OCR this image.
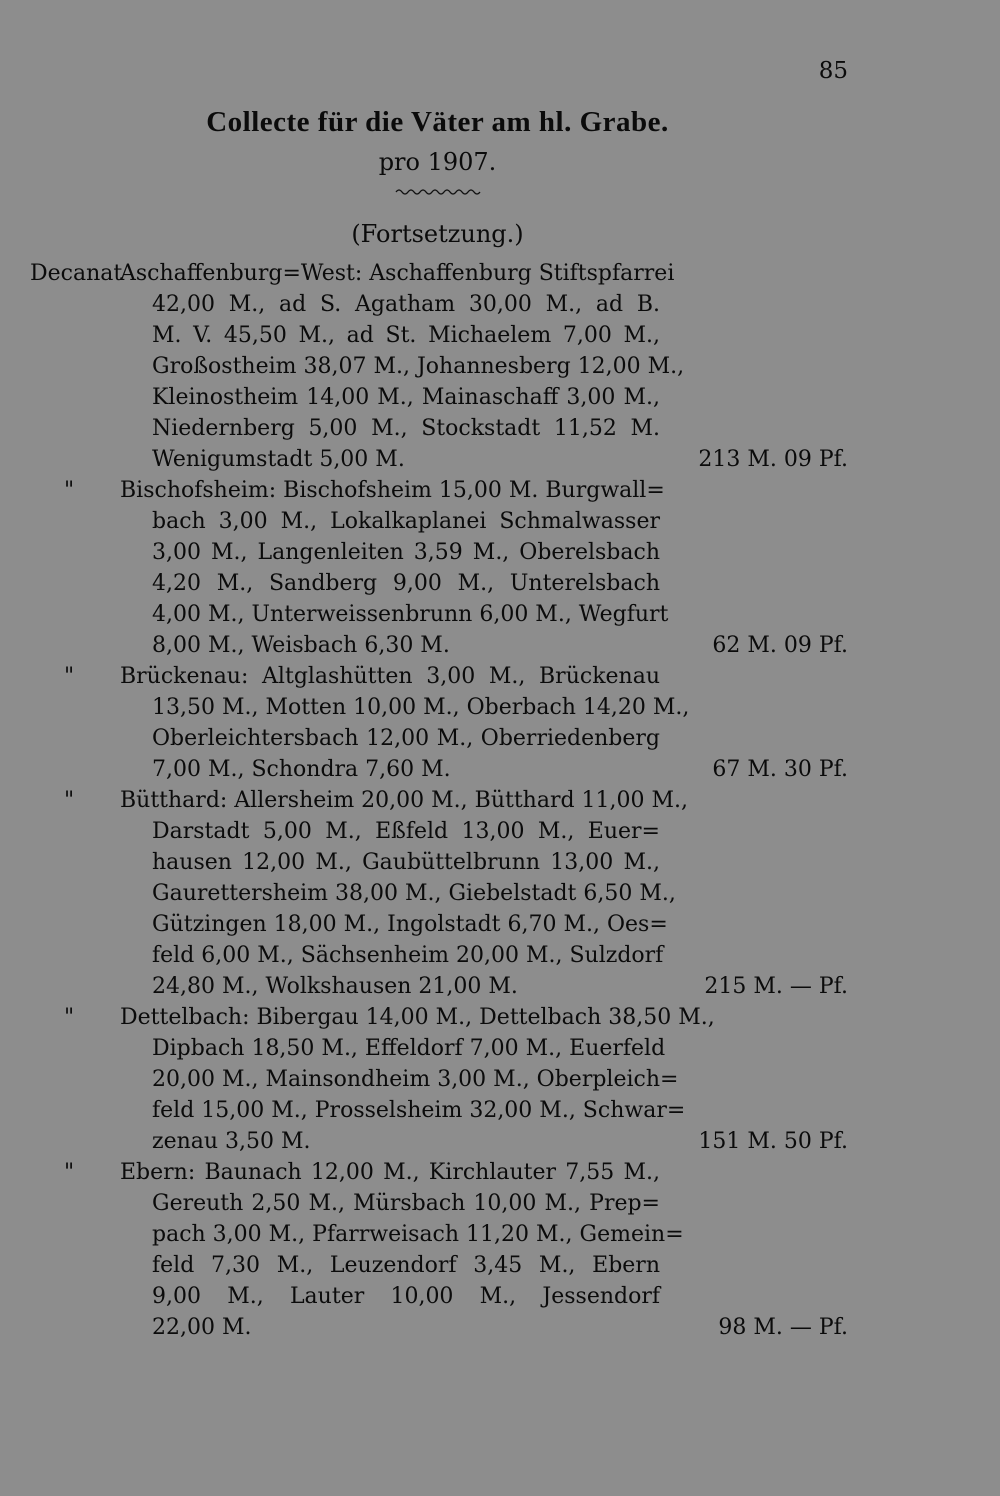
85
Collecte für die Väter am hl. Grabe.
pro 1907.
(Fortsetzung.)
Decanat
Aschaffenburg=West: Aschaffenburg Stiftspfarrei
42,00 M., ad S. Agatham 30,00 M., ad B.
M. V. 45,50 M., ad St. Michaelem 7,00 M.,
Großostheim 38,07 M., Johannesberg 12,00 M.,
Kleinostheim 14,00 M., Mainaschaff 3,00 M.,
Niedernberg 5,00 M., Stockstadt 11,52 M.
Wenigumstadt 5,00 M.	213 M. 09 Pf.
" Bischofsheim: Bischofsheim 15,00 M. Burgwall=
bach 3,00 M., Lokalkaplanei Schmalwasser
3,00 M., Langenleiten 3,59 M., Oberelsbach
4,20 M., Sandberg 9,00 M., Unterelsbach
4,00 M., Unterweissenbrunn 6,00 M., Wegfurt
8,00 M., Weisbach 6,30 M.	62 M. 09 Pf.
" Brückenau: Altglashütten 3,00 M., Brückenau
13,50 M., Motten 10,00 M., Oberbach 14,20 M.,
Oberleichtersbach 12,00 M., Oberriedenberg
7,00 M., Schondra 7,60 M.	67 M. 30 Pf.
" Bütthard: Allersheim 20,00 M., Bütthard 11,00 M.,
Darstadt 5,00 M., Eßfeld 13,00 M., Euer=
hausen 12,00 M., Gaubüttelbrunn 13,00 M.,
Gaurettersheim 38,00 M., Giebelstadt 6,50 M.,
Gützingen 18,00 M., Ingolstadt 6,70 M., Oes=
feld 6,00 M., Sächsenheim 20,00 M., Sulzdorf
24,80 M., Wolkshausen 21,00 M.	215 M. — Pf.
" Dettelbach: Bibergau 14,00 M., Dettelbach 38,50 M.,
Dipbach 18,50 M., Effeldorf 7,00 M., Euerfeld
20,00 M., Mainsondheim 3,00 M., Oberpleich=
feld 15,00 M., Prosselsheim 32,00 M., Schwar=
zenau 3,50 M.	151 M. 50 Pf.
" Ebern: Baunach 12,00 M., Kirchlauter 7,55 M.,
Gereuth 2,50 M., Mürsbach 10,00 M., Prep=
pach 3,00 M., Pfarrweisach 11,20 M., Gemein=
feld 7,30 M., Leuzendorf 3,45 M., Ebern
9,00 M., Lauter 10,00 M., Jessendorf
22,00 M.	98 M. — Pf.
